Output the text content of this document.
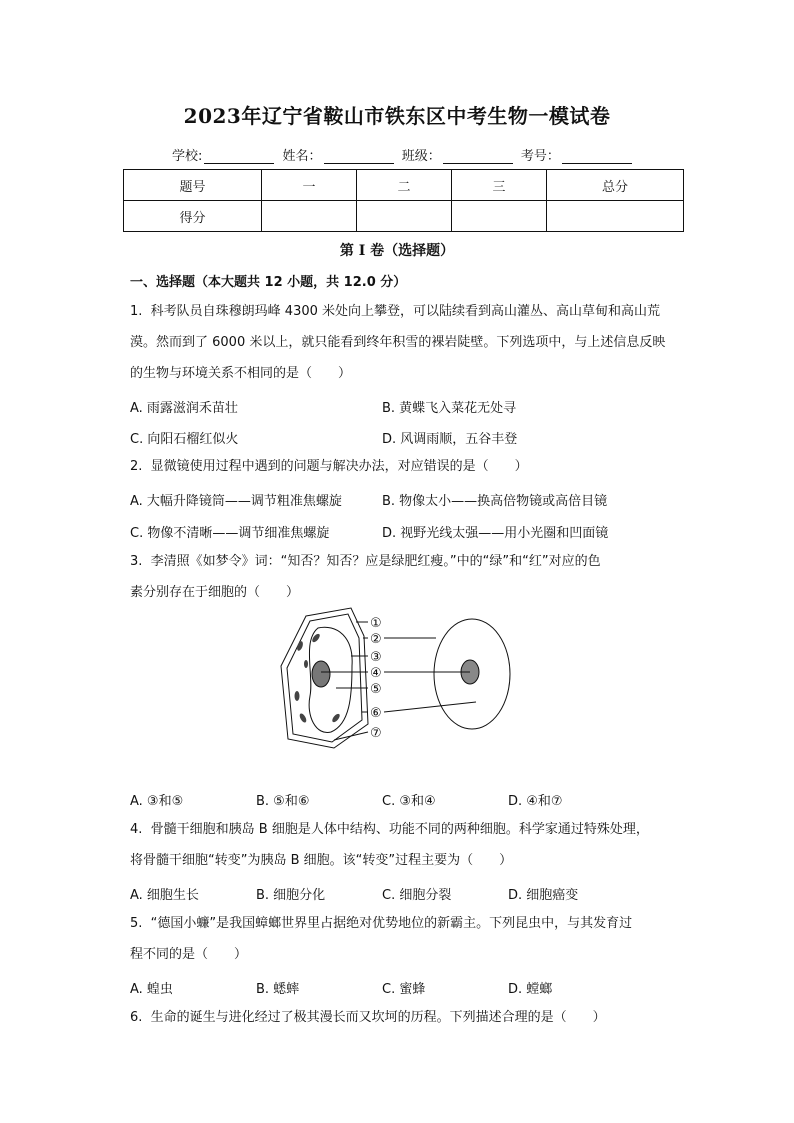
2023年辽宁省鞍山市铁东区中考生物一模试卷
学校:	姓名：	班级：	考号：
题号	一	二	三	总分
得分				
第 I 卷（选择题）
一、选择题（本大题共 12 小题，共 12.0 分）
1. 科考队员自珠穆朗玛峰 4300 米处向上攀登，可以陆续看到高山灌丛、高山草甸和高山荒
漠。然而到了 6000 米以上，就只能看到终年积雪的裸岩陡壁。下列选项中，与上述信息反映
的生物与环境关系不相同的是（　　）
A. 雨露滋润禾苗壮	B. 黄蝶飞入菜花无处寻
C. 向阳石榴红似火	D. 风调雨顺，五谷丰登
2. 显微镜使用过程中遇到的问题与解决办法，对应错误的是（　　）
A. 大幅升降镜筒——调节粗准焦螺旋	B. 物像太小——换高倍物镜或高倍目镜
C. 物像不清晰——调节细准焦螺旋	D. 视野光线太强——用小光圈和凹面镜
3. 李清照《如梦令》词：“知否？知否？应是绿肥红瘦。”中的“绿”和“红”对应的色
素分别存在于细胞的（　　）
①
②
③
④
⑤
⑥
⑦
A. ③和⑤	B. ⑤和⑥	C. ③和④	D. ④和⑦
4. 骨髓干细胞和胰岛 B 细胞是人体中结构、功能不同的两种细胞。科学家通过特殊处理，
将骨髓干细胞“转变”为胰岛 B 细胞。该“转变”过程主要为（　　）
A. 细胞生长	B. 细胞分化	C. 细胞分裂	D. 细胞癌变
5. “德国小蠊”是我国蟑螂世界里占据绝对优势地位的新霸主。下列昆虫中，与其发育过
程不同的是（　　）
A. 蝗虫	B. 蟋蟀	C. 蜜蜂	D. 螳螂
6. 生命的诞生与进化经过了极其漫长而又坎坷的历程。下列描述合理的是（　　）
